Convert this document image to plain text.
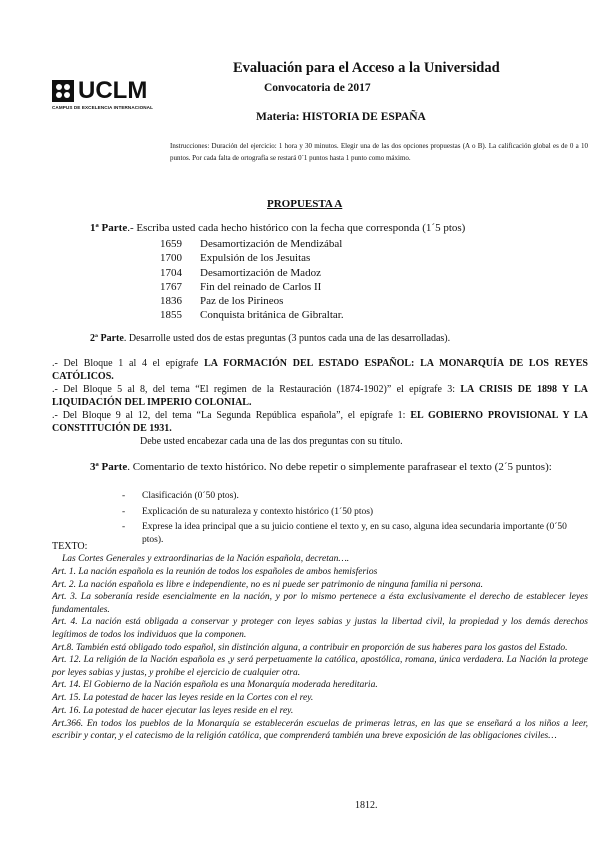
UCLM
CAMPUS DE EXCELENCIA INTERNACIONAL
Evaluación para el Acceso a la Universidad
Convocatoria de 2017
Materia: HISTORIA DE ESPAÑA
Instrucciones: Duración del ejercicio: 1 hora y 30 minutos. Elegir una de las dos opciones propuestas (A o B). La calificación global es de 0 a 10 puntos. Por cada falta de ortografía se restará 0´1 puntos hasta 1 punto como máximo.
PROPUESTA A
1ª Parte.- Escriba usted cada hecho histórico con la fecha que corresponda (1´5 ptos)
1659	Desamortización de Mendizábal
1700	Expulsión de los Jesuitas
1704	Desamortización de Madoz
1767	Fin del reinado de Carlos II
1836	Paz de los Pirineos
1855	Conquista británica de Gibraltar.
2ª Parte. Desarrolle usted dos de estas preguntas (3 puntos cada una de las desarrolladas).
.- Del Bloque 1 al 4 el epígrafe LA FORMACIÓN DEL ESTADO ESPAÑOL: LA MONARQUÍA DE LOS REYES CATÓLICOS.
.- Del Bloque 5 al 8, del tema “El regimen de la Restauración (1874-1902)” el epígrafe 3: LA CRISIS DE 1898 Y LA LIQUIDACIÓN DEL IMPERIO COLONIAL.
.- Del Bloque 9 al 12, del tema “La Segunda República española”, el epígrafe 1: EL GOBIERNO PROVISIONAL Y LA CONSTITUCIÓN DE 1931.
Debe usted encabezar cada una de las dos preguntas con su título.
3ª Parte. Comentario de texto histórico. No debe repetir o simplemente parafrasear el texto (2´5 puntos):
-	Clasificación (0´50 ptos).
-	Explicación de su naturaleza y contexto histórico (1´50 ptos)
-	Exprese la idea principal que a su juicio contiene el texto y, en su caso, alguna idea secundaria importante (0´50 ptos).
TEXTO:

Las Cortes Generales y extraordinarias de la Nación española, decretan….

Art. 1. La nación española es la reunión de todos los españoles de ambos hemisferios

Art. 2. La nación española es libre e independiente, no es ni puede ser patrimonio de ninguna familia ni persona.

Art. 3. La soberanía reside esencialmente en la nación, y por lo mismo pertenece a ésta exclusivamente el derecho de establecer leyes fundamentales.

Art. 4. La nación está obligada a conservar y proteger con leyes sabias y justas la libertad civil, la propiedad y los demás derechos legítimos de todos los individuos que la componen.

Art.8. También está obligado todo español, sin distinción alguna, a contribuir en proporción de sus haberes para los gastos del Estado.

Art. 12. La religión de la Nación española es ,y será perpetuamente la católica, apostólica, romana, única verdadera. La Nación la protege por leyes sabias y justas, y prohíbe el ejercicio de cualquier otra.

Art. 14. El Gobierno de la Nación española es una Monarquía moderada hereditaria.

Art. 15. La potestad de hacer las leyes reside en la Cortes con el rey.

Art. 16. La potestad de hacer ejecutar las leyes reside en el rey.

Art.366. En todos los pueblos de la Monarquía se establecerán escuelas de primeras letras, en las que se enseñará a los niños a leer, escribir y contar, y el catecismo de la religión católica, que comprenderá también una breve exposición de las obligaciones civiles…

1812.
